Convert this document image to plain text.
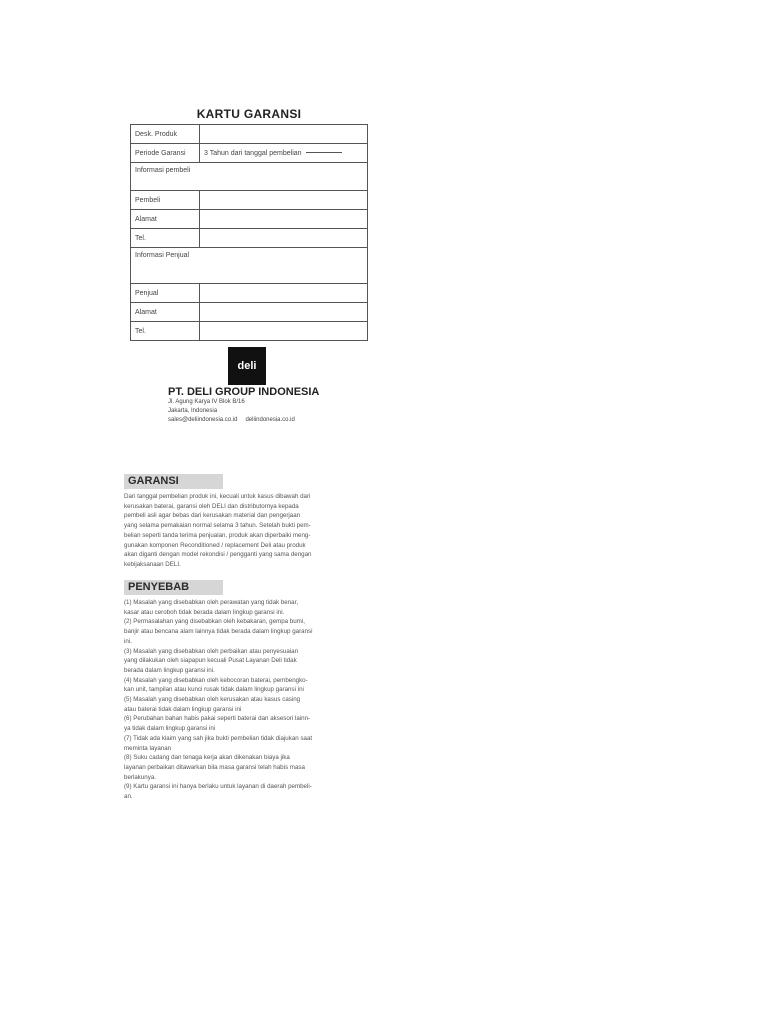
KARTU GARANSI
Desk. Produk	
Periode Garansi	3 Tahun dari tanggal pembelian
Informasi pembeli	
Pembeli	
Alamat	
Tel.	
Informasi Penjual	
Penjual	
Alamat	
Tel.	
deli
PT. DELI GROUP INDONESIA
Jl. Agung Karya IV Blok B/16
Jakarta, Indonesia
sales@deliindonesia.co.id deliindonesia.co.id
GARANSI

Dari tanggal pembelian produk ini, kecuali untuk kasus dibawah dari

kerusakan baterai, garansi oleh DELI dan distributornya kepada

pembeli asli agar bebas dari kerusakan material dan pengerjaan

yang selama pemakaian normal selama 3 tahun. Setelah bukti pem-

belian seperti tanda terima penjualan, produk akan diperbaiki meng-

gunakan komponen Reconditioned / replacement Deli atau produk

akan diganti dengan model rekondisi / pengganti yang sama dengan

kebijaksanaan DELI.

PENYEBAB

(1) Masalah yang disebabkan oleh perawatan yang tidak benar,

kasar atau ceroboh tidak berada dalam lingkup garansi ini.

(2) Permasalahan yang disebabkan oleh kebakaran, gempa bumi,

banjir atau bencana alam lainnya tidak berada dalam lingkup garansi

ini.

(3) Masalah yang disebabkan oleh perbaikan atau penyesuaian

yang dilakukan oleh siapapun kecuali Pusat Layanan Deli tidak

berada dalam lingkup garansi ini.

(4) Masalah yang disebabkan oleh kebocoran baterai, pembengko-

kan unit, tampilan atau kunci rusak tidak dalam lingkup garansi ini

(5) Masalah yang disebabkan oleh kerusakan atau kasus casing

atau baterai tidak dalam lingkup garansi ini

(6) Perubahan bahan habis pakai seperti baterai dan aksesori lainn-

ya tidak dalam lingkup garansi ini

(7) Tidak ada klaim yang sah jika bukti pembelian tidak diajukan saat

meminta layanan

(8) Suku cadang dan tenaga kerja akan dikenakan biaya jika

layanan perbaikan ditawarkan bila masa garansi telah habis masa

berlakunya.

(9) Kartu garansi ini hanya berlaku untuk layanan di daerah pembeli-

an.
